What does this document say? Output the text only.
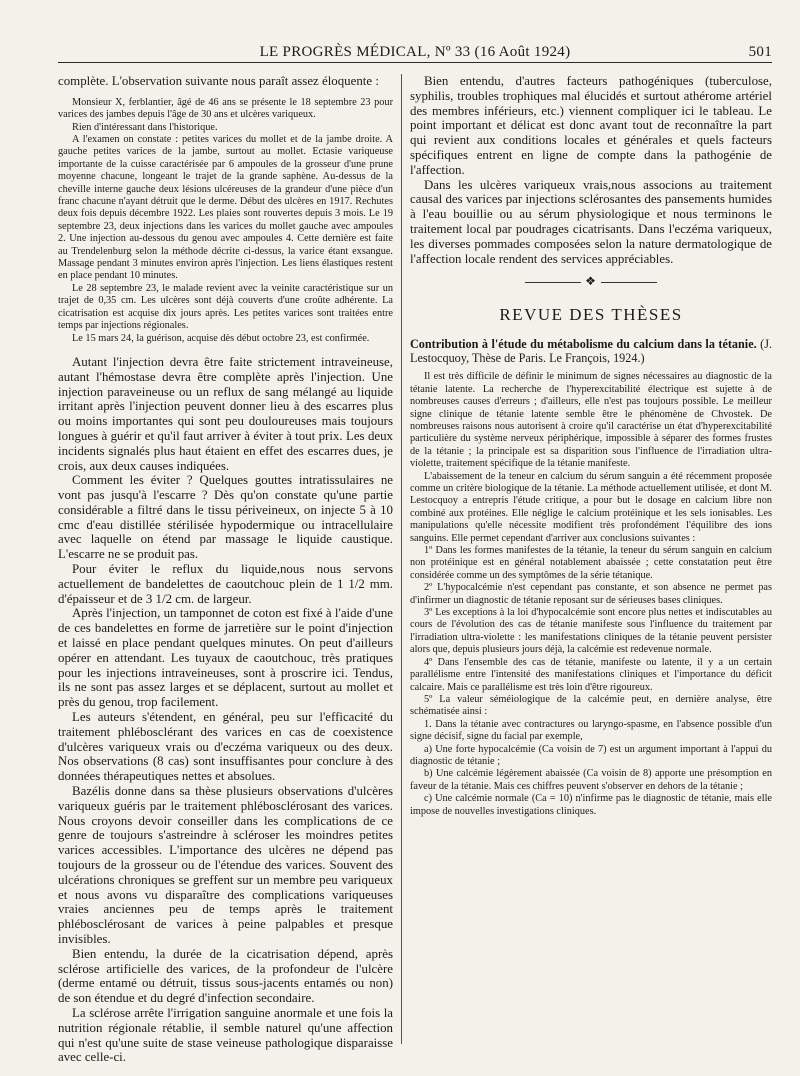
LE PROGRÈS MÉDICAL, Nº 33 (16 Août 1924)	501

complète. L'observation suivante nous paraît assez éloquente :

Monsieur X, ferblantier, âgé de 46 ans se présente le 18 septembre 23 pour varices des jambes depuis l'âge de 30 ans et ulcères variqueux.

Rien d'intéressant dans l'historique.

A l'examen on constate : petites varices du mollet et de la jambe droite. A gauche petites varices de la jambe, surtout au mollet. Ectasie variqueuse importante de la cuisse caractérisée par 6 ampoules de la grosseur d'une prune moyenne chacune, longeant le trajet de la grande saphène. Au-dessus de la cheville interne gauche deux lésions ulcéreuses de la grandeur d'une pièce d'un franc chacune n'ayant détruit que le derme. Début des ulcères en 1917. Rechutes deux fois depuis décembre 1922. Les plaies sont rouvertes depuis 3 mois. Le 19 septembre 23, deux injections dans les varices du mollet gauche avec ampoules 2. Une injection au-dessous du genou avec ampoules 4. Cette dernière est faite au Trendelenburg selon la méthode décrite ci-dessus, la varice étant exsangue. Massage pendant 3 minutes environ après l'injection. Les liens élastiques restent en place pendant 10 minutes.

Le 28 septembre 23, le malade revient avec la veinite caractéristique sur un trajet de 0,35 cm. Les ulcères sont déjà couverts d'une croûte adhérente. La cicatrisation est acquise dix jours après. Les petites varices sont traitées entre temps par injections régionales.

Le 15 mars 24, la guérison, acquise dès début octobre 23, est confirmée.

Autant l'injection devra être faite strictement intraveineuse, autant l'hémostase devra être complète après l'injection. Une injection paraveineuse ou un reflux de sang mélangé au liquide irritant après l'injection peuvent donner lieu à des escarres plus ou moins importantes qui sont peu douloureuses mais toujours longues à guérir et qu'il faut arriver à éviter à tout prix. Les deux incidents signalés plus haut étaient en effet des escarres dues, je crois, aux deux causes indiquées.

Comment les éviter ? Quelques gouttes intratissulaires ne vont pas jusqu'à l'escarre ? Dès qu'on constate qu'une partie considérable a filtré dans le tissu périveineux, on injecte 5 à 10 cmc d'eau distillée stérilisée hypodermique ou intracellulaire avec laquelle on étend par massage le liquide caustique. L'escarre ne se produit pas.

Pour éviter le reflux du liquide,nous nous servons actuellement de bandelettes de caoutchouc plein de 1 1/2 mm. d'épaisseur et de 3 1/2 cm. de largeur.

Après l'injection, un tamponnet de coton est fixé à l'aide d'une de ces bandelettes en forme de jarretière sur le point d'injection et laissé en place pendant quelques minutes. On peut d'ailleurs opérer en attendant. Les tuyaux de caoutchouc, très pratiques pour les injections intraveineuses, sont à proscrire ici. Tendus, ils ne sont pas assez larges et se déplacent, surtout au mollet et près du genou, trop facilement.

Les auteurs s'étendent, en général, peu sur l'efficacité du traitement phlébosclérant des varices en cas de coexistence d'ulcères variqueux vrais ou d'eczéma variqueux ou des deux. Nos observations (8 cas) sont insuffisantes pour conclure à des données thérapeutiques nettes et absolues.

Bazélis donne dans sa thèse plusieurs observations d'ulcères variqueux guéris par le traitement phlébosclérosant des varices. Nous croyons devoir conseiller dans les complications de ce genre de toujours s'astreindre à scléroser les moindres petites varices accessibles. L'importance des ulcères ne dépend pas toujours de la grosseur ou de l'étendue des varices. Souvent des ulcérations chroniques se greffent sur un membre peu variqueux et nous avons vu disparaître des complications variqueuses vraies anciennes peu de temps après le traitement phlébosclérosant de varices à peine palpables et presque invisibles.

Bien entendu, la durée de la cicatrisation dépend, après sclérose artificielle des varices, de la profondeur de l'ulcère (derme entamé ou détruit, tissus sous-jacents entamés ou non) de son étendue et du degré d'infection secondaire.

La sclérose arrête l'irrigation sanguine anormale et une fois la nutrition régionale rétablie, il semble naturel qu'une affection qui n'est qu'une suite de stase veineuse pathologique disparaisse avec celle-ci.

Bien entendu, d'autres facteurs pathogéniques (tuberculose, syphilis, troubles trophiques mal élucidés et surtout athérome artériel des membres inférieurs, etc.) viennent compliquer ici le tableau. Le point important et délicat est donc avant tout de reconnaître la part qui revient aux conditions locales et générales et quels facteurs spécifiques entrent en ligne de compte dans la pathogénie de l'affection.

Dans les ulcères variqueux vrais,nous associons au traitement causal des varices par injections sclérosantes des pansements humides à l'eau bouillie ou au sérum physiologique et nous terminons le traitement local par poudrages cicatrisants. Dans l'eczéma variqueux, les diverses pommades composées selon la nature dermatologique de l'affection locale rendent des services appréciables.

❖
REVUE DES THÈSES

Contribution à l'étude du métabolisme du calcium dans la tétanie. (J. Lestocquoy, Thèse de Paris. Le François, 1924.)

Il est très difficile de définir le minimum de signes nécessaires au diagnostic de la tétanie latente. La recherche de l'hyperexcitabilité électrique est sujette à de nombreuses causes d'erreurs ; d'ailleurs, elle n'est pas toujours possible. Le meilleur signe clinique de tétanie latente semble être le phénomène de Chvostek. De nombreuses raisons nous autorisent à croire qu'il caractérise un état d'hyperexcitabilité particulière du système nerveux périphérique, impossible à séparer des formes frustes de la tétanie ; la principale est sa disparition sous l'influence de l'irradiation ultra-violette, traitement spécifique de la tétanie manifeste.

L'abaissement de la teneur en calcium du sérum sanguin a été récemment proposée comme un critère biologique de la tétanie. La méthode actuellement utilisée, et dont M. Lestocquoy a entrepris l'étude critique, a pour but le dosage en calcium libre non combiné aux protéines. Elle néglige le calcium protéinique et les sels ionisables. Les manipulations qu'elle nécessite modifient très profondément l'équilibre des ions sanguins. Elle permet cependant d'arriver aux conclusions suivantes :

1º Dans les formes manifestes de la tétanie, la teneur du sérum sanguin en calcium non protéinique est en général notablement abaissée ; cette constatation peut être considérée comme un des symptômes de la série tétanique.

2º L'hypocalcémie n'est cependant pas constante, et son absence ne permet pas d'infirmer un diagnostic de tétanie reposant sur de sérieuses bases cliniques.

3º Les exceptions à la loi d'hypocalcémie sont encore plus nettes et indiscutables au cours de l'évolution des cas de tétanie manifeste sous l'influence du traitement par l'irradiation ultra-violette : les manifestations cliniques de la tétanie peuvent persister alors que, depuis plusieurs jours déjà, la calcémie est redevenue normale.

4º Dans l'ensemble des cas de tétanie, manifeste ou latente, il y a un certain parallélisme entre l'intensité des manifestations cliniques et l'importance du déficit calcaire. Mais ce parallélisme est très loin d'être rigoureux.

5º La valeur séméiologique de la calcémie peut, en dernière analyse, être schématisée ainsi :

1. Dans la tétanie avec contractures ou laryngo-spasme, en l'absence possible d'un signe décisif, signe du facial par exemple,

a) Une forte hypocalcémie (Ca voisin de 7) est un argument important à l'appui du diagnostic de tétanie ;

b) Une calcémie légèrement abaissée (Ca voisin de 8) apporte une présomption en faveur de la tétanie. Mais ces chiffres peuvent s'observer en dehors de la tétanie ;

c) Une calcémie normale (Ca = 10) n'infirme pas le diagnostic de tétanie, mais elle impose de nouvelles investigations cliniques.
